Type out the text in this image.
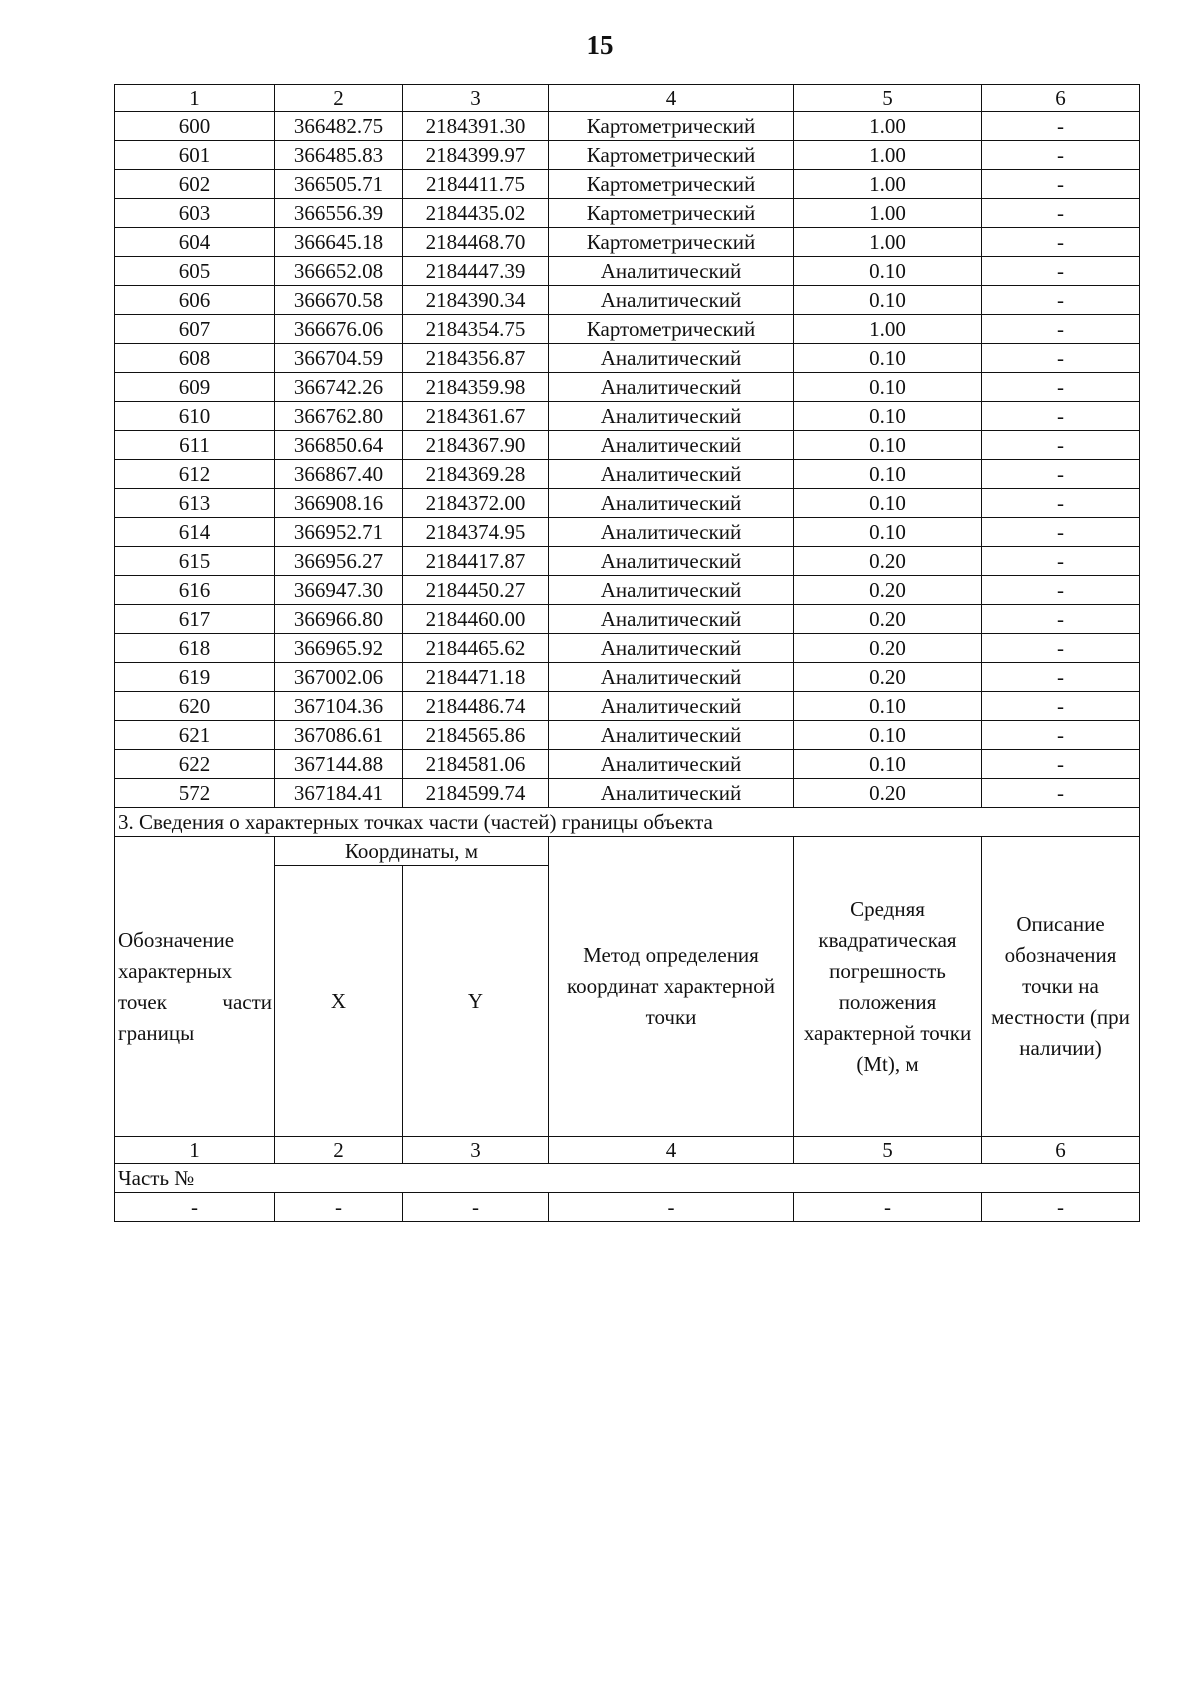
15
1	2	3	4	5	6
600	366482.75	2184391.30	Картометрический	1.00	-
601	366485.83	2184399.97	Картометрический	1.00	-
602	366505.71	2184411.75	Картометрический	1.00	-
603	366556.39	2184435.02	Картометрический	1.00	-
604	366645.18	2184468.70	Картометрический	1.00	-
605	366652.08	2184447.39	Аналитический	0.10	-
606	366670.58	2184390.34	Аналитический	0.10	-
607	366676.06	2184354.75	Картометрический	1.00	-
608	366704.59	2184356.87	Аналитический	0.10	-
609	366742.26	2184359.98	Аналитический	0.10	-
610	366762.80	2184361.67	Аналитический	0.10	-
611	366850.64	2184367.90	Аналитический	0.10	-
612	366867.40	2184369.28	Аналитический	0.10	-
613	366908.16	2184372.00	Аналитический	0.10	-
614	366952.71	2184374.95	Аналитический	0.10	-
615	366956.27	2184417.87	Аналитический	0.20	-
616	366947.30	2184450.27	Аналитический	0.20	-
617	366966.80	2184460.00	Аналитический	0.20	-
618	366965.92	2184465.62	Аналитический	0.20	-
619	367002.06	2184471.18	Аналитический	0.20	-
620	367104.36	2184486.74	Аналитический	0.10	-
621	367086.61	2184565.86	Аналитический	0.10	-
622	367144.88	2184581.06	Аналитический	0.10	-
572	367184.41	2184599.74	Аналитический	0.20	-
3. Сведения о характерных точках части (частей) границы объекта					
Обозначение характерных точек части границы	Координаты, м		Метод определения координат характерной точки	Средняя квадратическая погрешность положения характерной точки (Mt), м	Описание обозначения точки на местности (при наличии)
	X	Y			
1	2	3	4	5	6
Часть №					
-	-	-	-	-	-
